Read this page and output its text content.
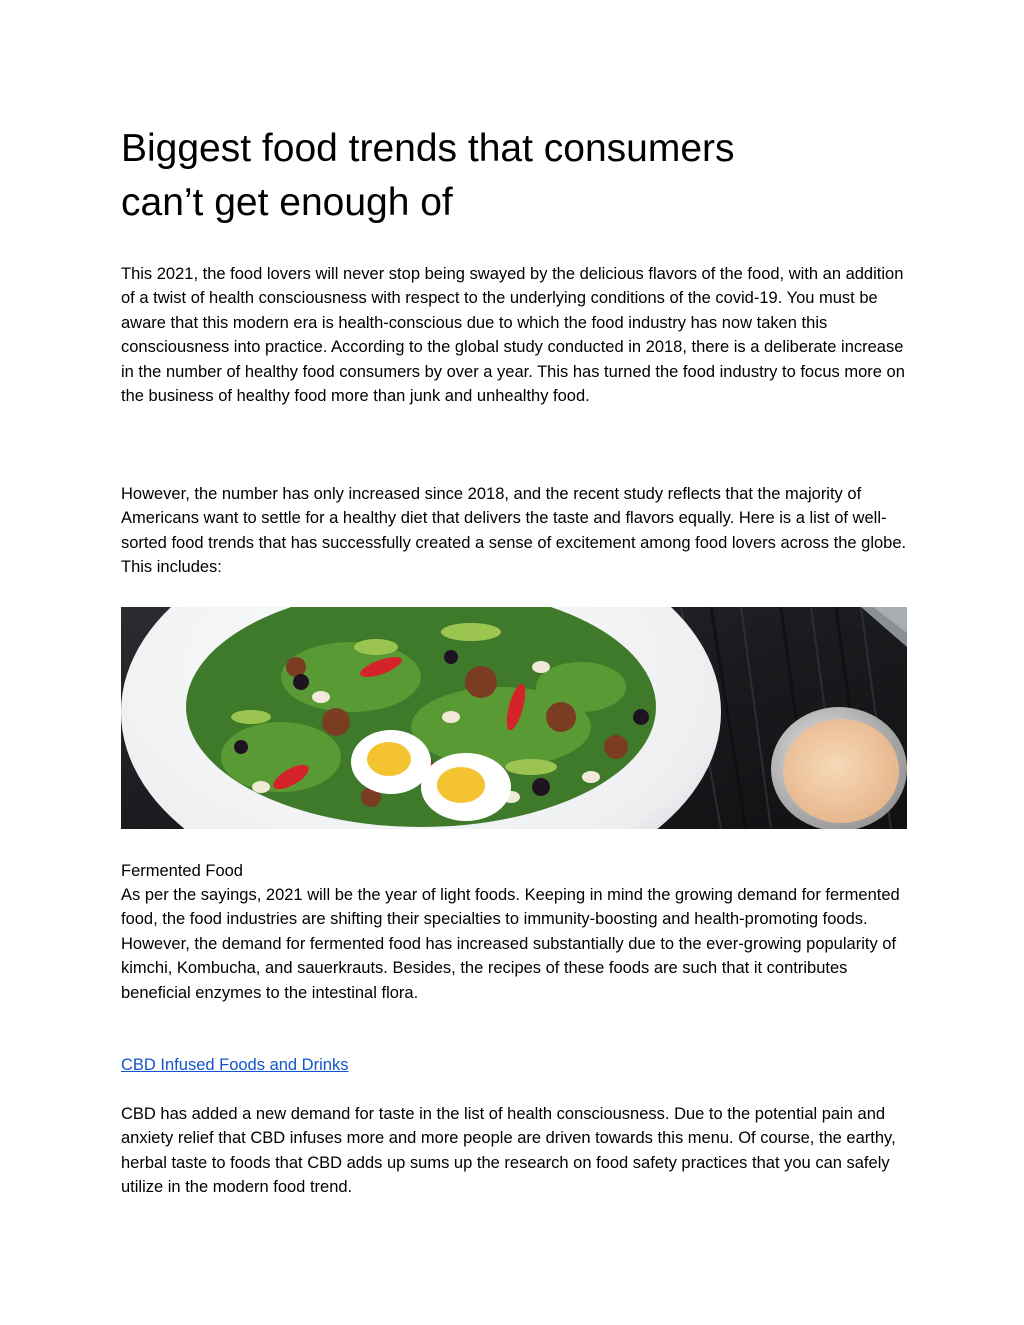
Biggest food trends that consumers
can’t get enough of

This 2021, the food lovers will never stop being swayed by the delicious flavors of the food, with an addition of a twist of health consciousness with respect to the underlying conditions of the covid-19. You must be aware that this modern era is health-conscious due to which the food industry has now taken this consciousness into practice. According to the global study conducted in 2018, there is a deliberate increase in the number of healthy food consumers by over a year. This has turned the food industry to focus more on the business of healthy food more than junk and unhealthy food.

However, the number has only increased since 2018, and the recent study reflects that the majority of Americans want to settle for a healthy diet that delivers the taste and flavors equally. Here is a list of well-sorted food trends that has successfully created a sense of excitement among food lovers across the globe. This includes:

Fermented Food

As per the sayings, 2021 will be the year of light foods. Keeping in mind the growing demand for fermented food, the food industries are shifting their specialties to immunity-boosting and health-promoting foods. However, the demand for fermented food has increased substantially due to the ever-growing popularity of kimchi, Kombucha, and sauerkrauts. Besides, the recipes of these foods are such that it contributes beneficial enzymes to the intestinal flora.

CBD Infused Foods and Drinks

CBD has added a new demand for taste in the list of health consciousness. Due to the potential pain and anxiety relief that CBD infuses more and more people are driven towards this menu. Of course, the earthy, herbal taste to foods that CBD adds up sums up the research on food safety practices that you can safely utilize in the modern food trend.
